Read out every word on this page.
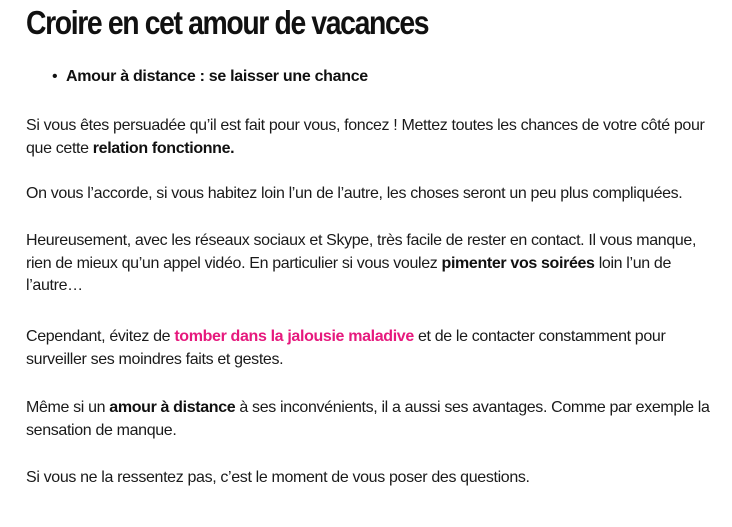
Croire en cet amour de vacances
• Amour à distance : se laisser une chance

Si vous êtes persuadée qu’il est fait pour vous, foncez ! Mettez toutes les chances de votre côté pour que cette relation fonctionne.

On vous l’accorde, si vous habitez loin l’un de l’autre, les choses seront un peu plus compliquées.

Heureusement, avec les réseaux sociaux et Skype, très facile de rester en contact. Il vous manque, rien de mieux qu’un appel vidéo. En particulier si vous voulez pimenter vos soirées loin l’un de l’autre…

Cependant, évitez de tomber dans la jalousie maladive et de le contacter constamment pour surveiller ses moindres faits et gestes.

Même si un amour à distance à ses inconvénients, il a aussi ses avantages. Comme par exemple la sensation de manque.

Si vous ne la ressentez pas, c’est le moment de vous poser des questions.
